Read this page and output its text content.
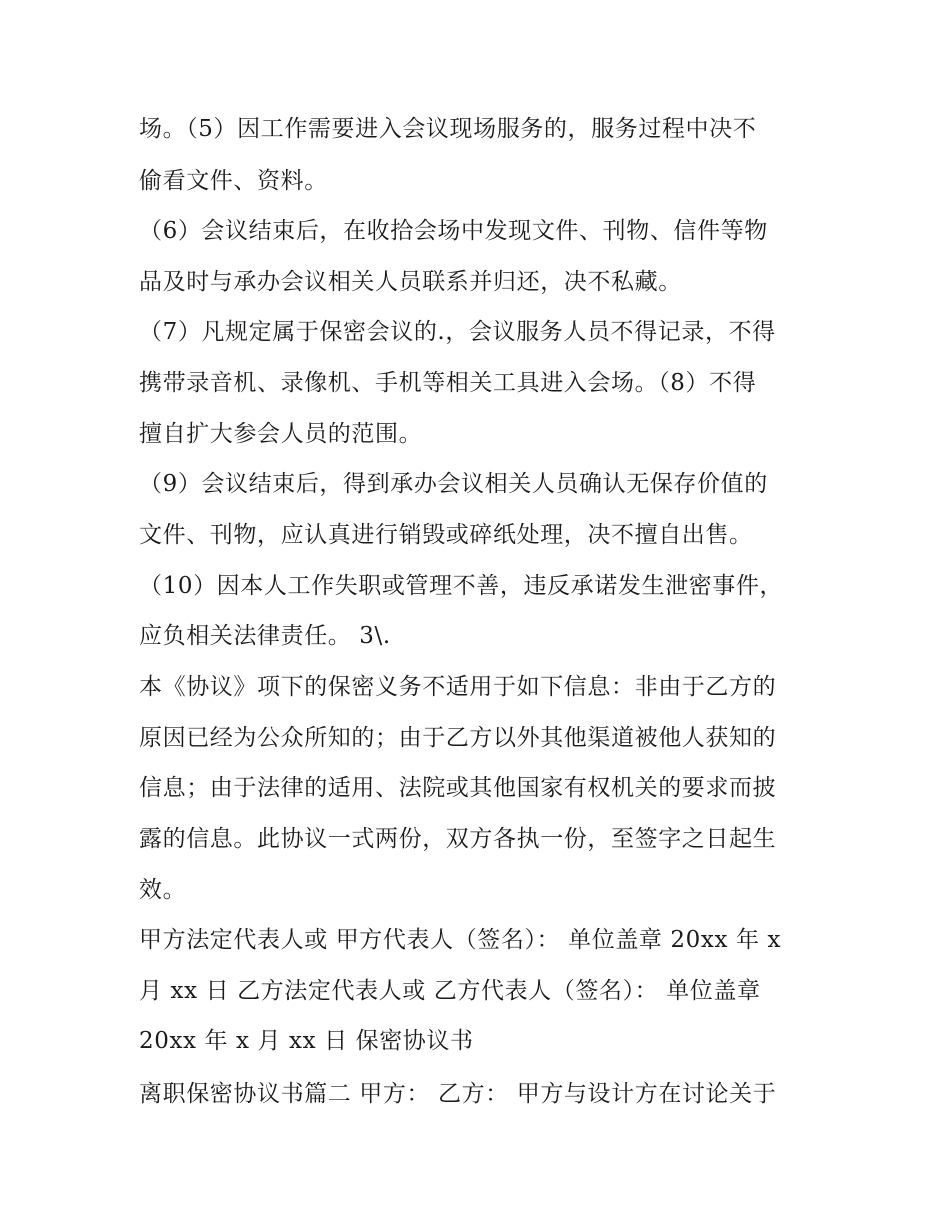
场。（5）因工作需要进入会议现场服务的，服务过程中决不
偷看文件、资料。
（6）会议结束后，在收拾会场中发现文件、刊物、信件等物
品及时与承办会议相关人员联系并归还，决不私藏。
（7）凡规定属于保密会议的.，会议服务人员不得记录，不得
携带录音机、录像机、手机等相关工具进入会场。（8）不得
擅自扩大参会人员的范围。
（9）会议结束后，得到承办会议相关人员确认无保存价值的
文件、刊物，应认真进行销毁或碎纸处理，决不擅自出售。
（10）因本人工作失职或管理不善，违反承诺发生泄密事件，
应负相关法律责任。 3\.
本《协议》项下的保密义务不适用于如下信息：非由于乙方的
原因已经为公众所知的；由于乙方以外其他渠道被他人获知的
信息；由于法律的适用、法院或其他国家有权机关的要求而披
露的信息。此协议一式两份，双方各执一份，至签字之日起生
效。
甲方法定代表人或 甲方代表人（签名）： 单位盖章 20xx 年 x
月 xx 日 乙方法定代表人或 乙方代表人（签名）： 单位盖章
20xx 年 x 月 xx 日 保密协议书
离职保密协议书篇二 甲方： 乙方： 甲方与设计方在讨论关于
